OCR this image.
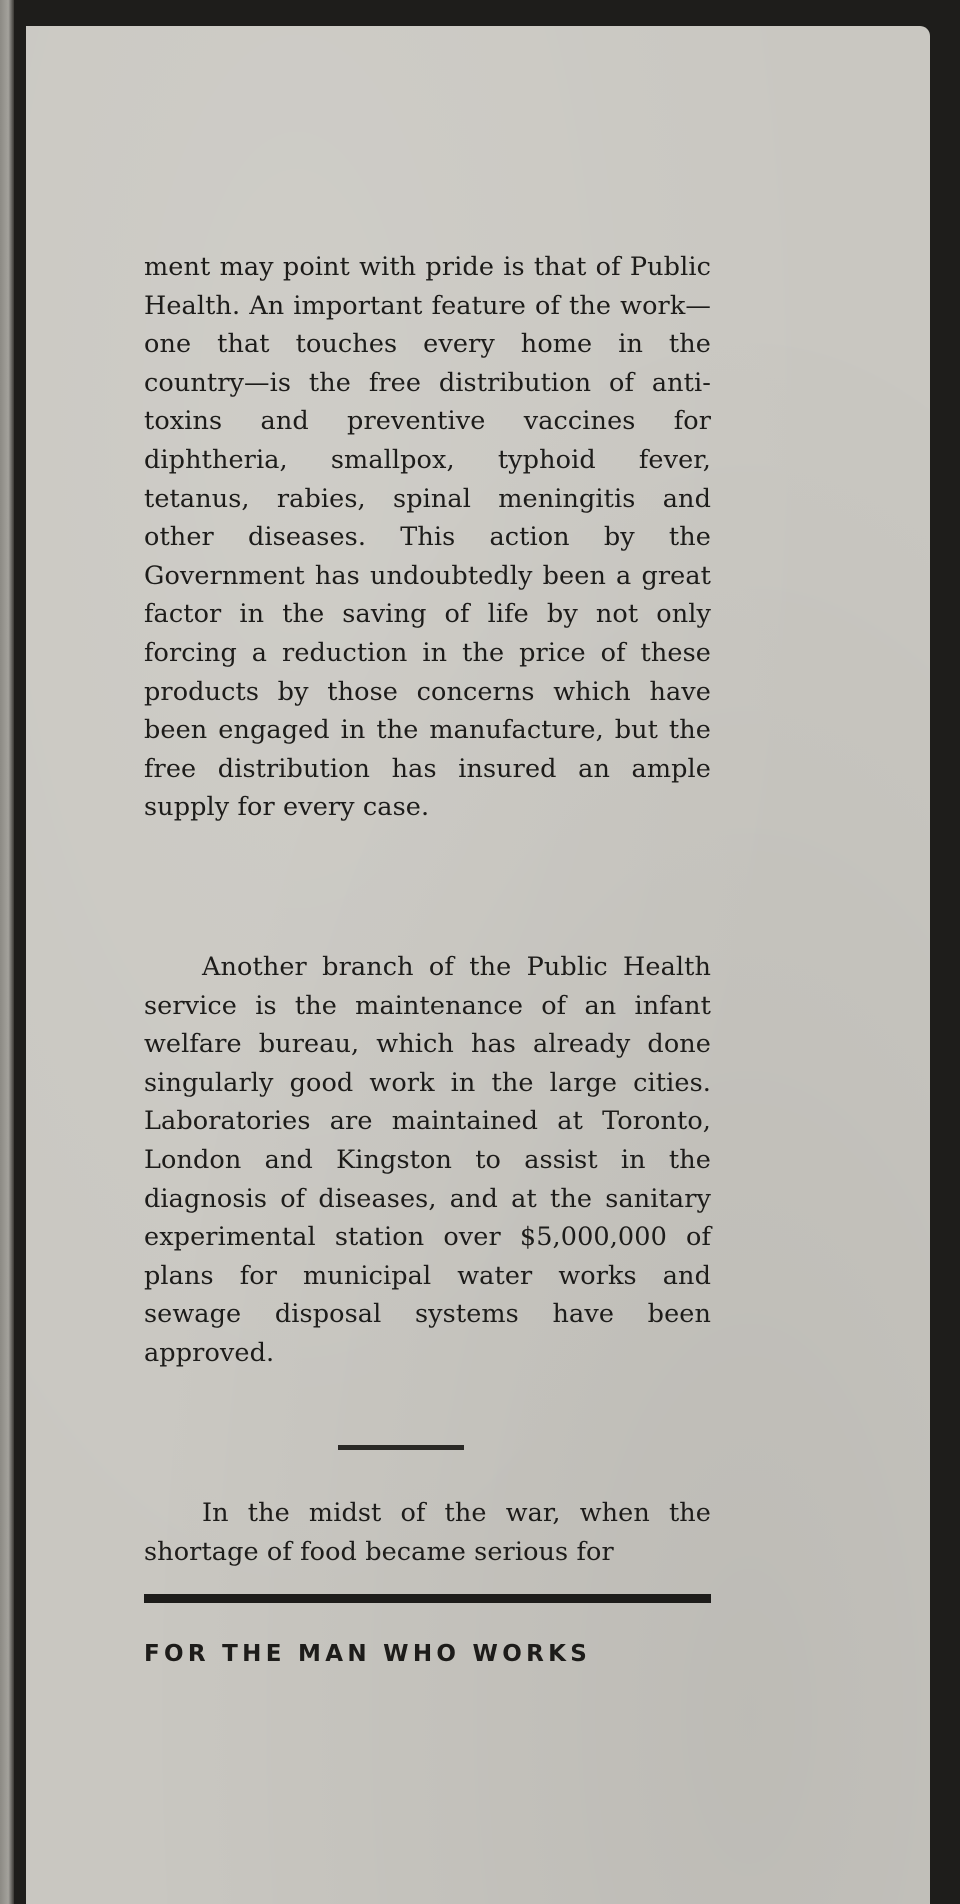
ment may point with pride is that of Public Health. An important feature of the work—one that touches every home in the country—is the free distribution of anti-toxins and preventive vaccines for diphtheria, smallpox, typhoid fever, tetanus, rabies, spinal meningitis and other diseases. This action by the Government has undoubtedly been a great factor in the saving of life by not only forcing a reduction in the price of these products by those concerns which have been engaged in the manufacture, but the free distribution has insured an ample supply for every case.

Another branch of the Public Health service is the maintenance of an infant welfare bureau, which has already done singularly good work in the large cities. Laboratories are maintained at Toronto, London and Kingston to assist in the diagnosis of diseases, and at the sanitary experimental station over $5,000,000 of plans for municipal water works and sewage disposal systems have been approved.

In the midst of the war, when the shortage of food became serious for

FOR THE MAN WHO WORKS
